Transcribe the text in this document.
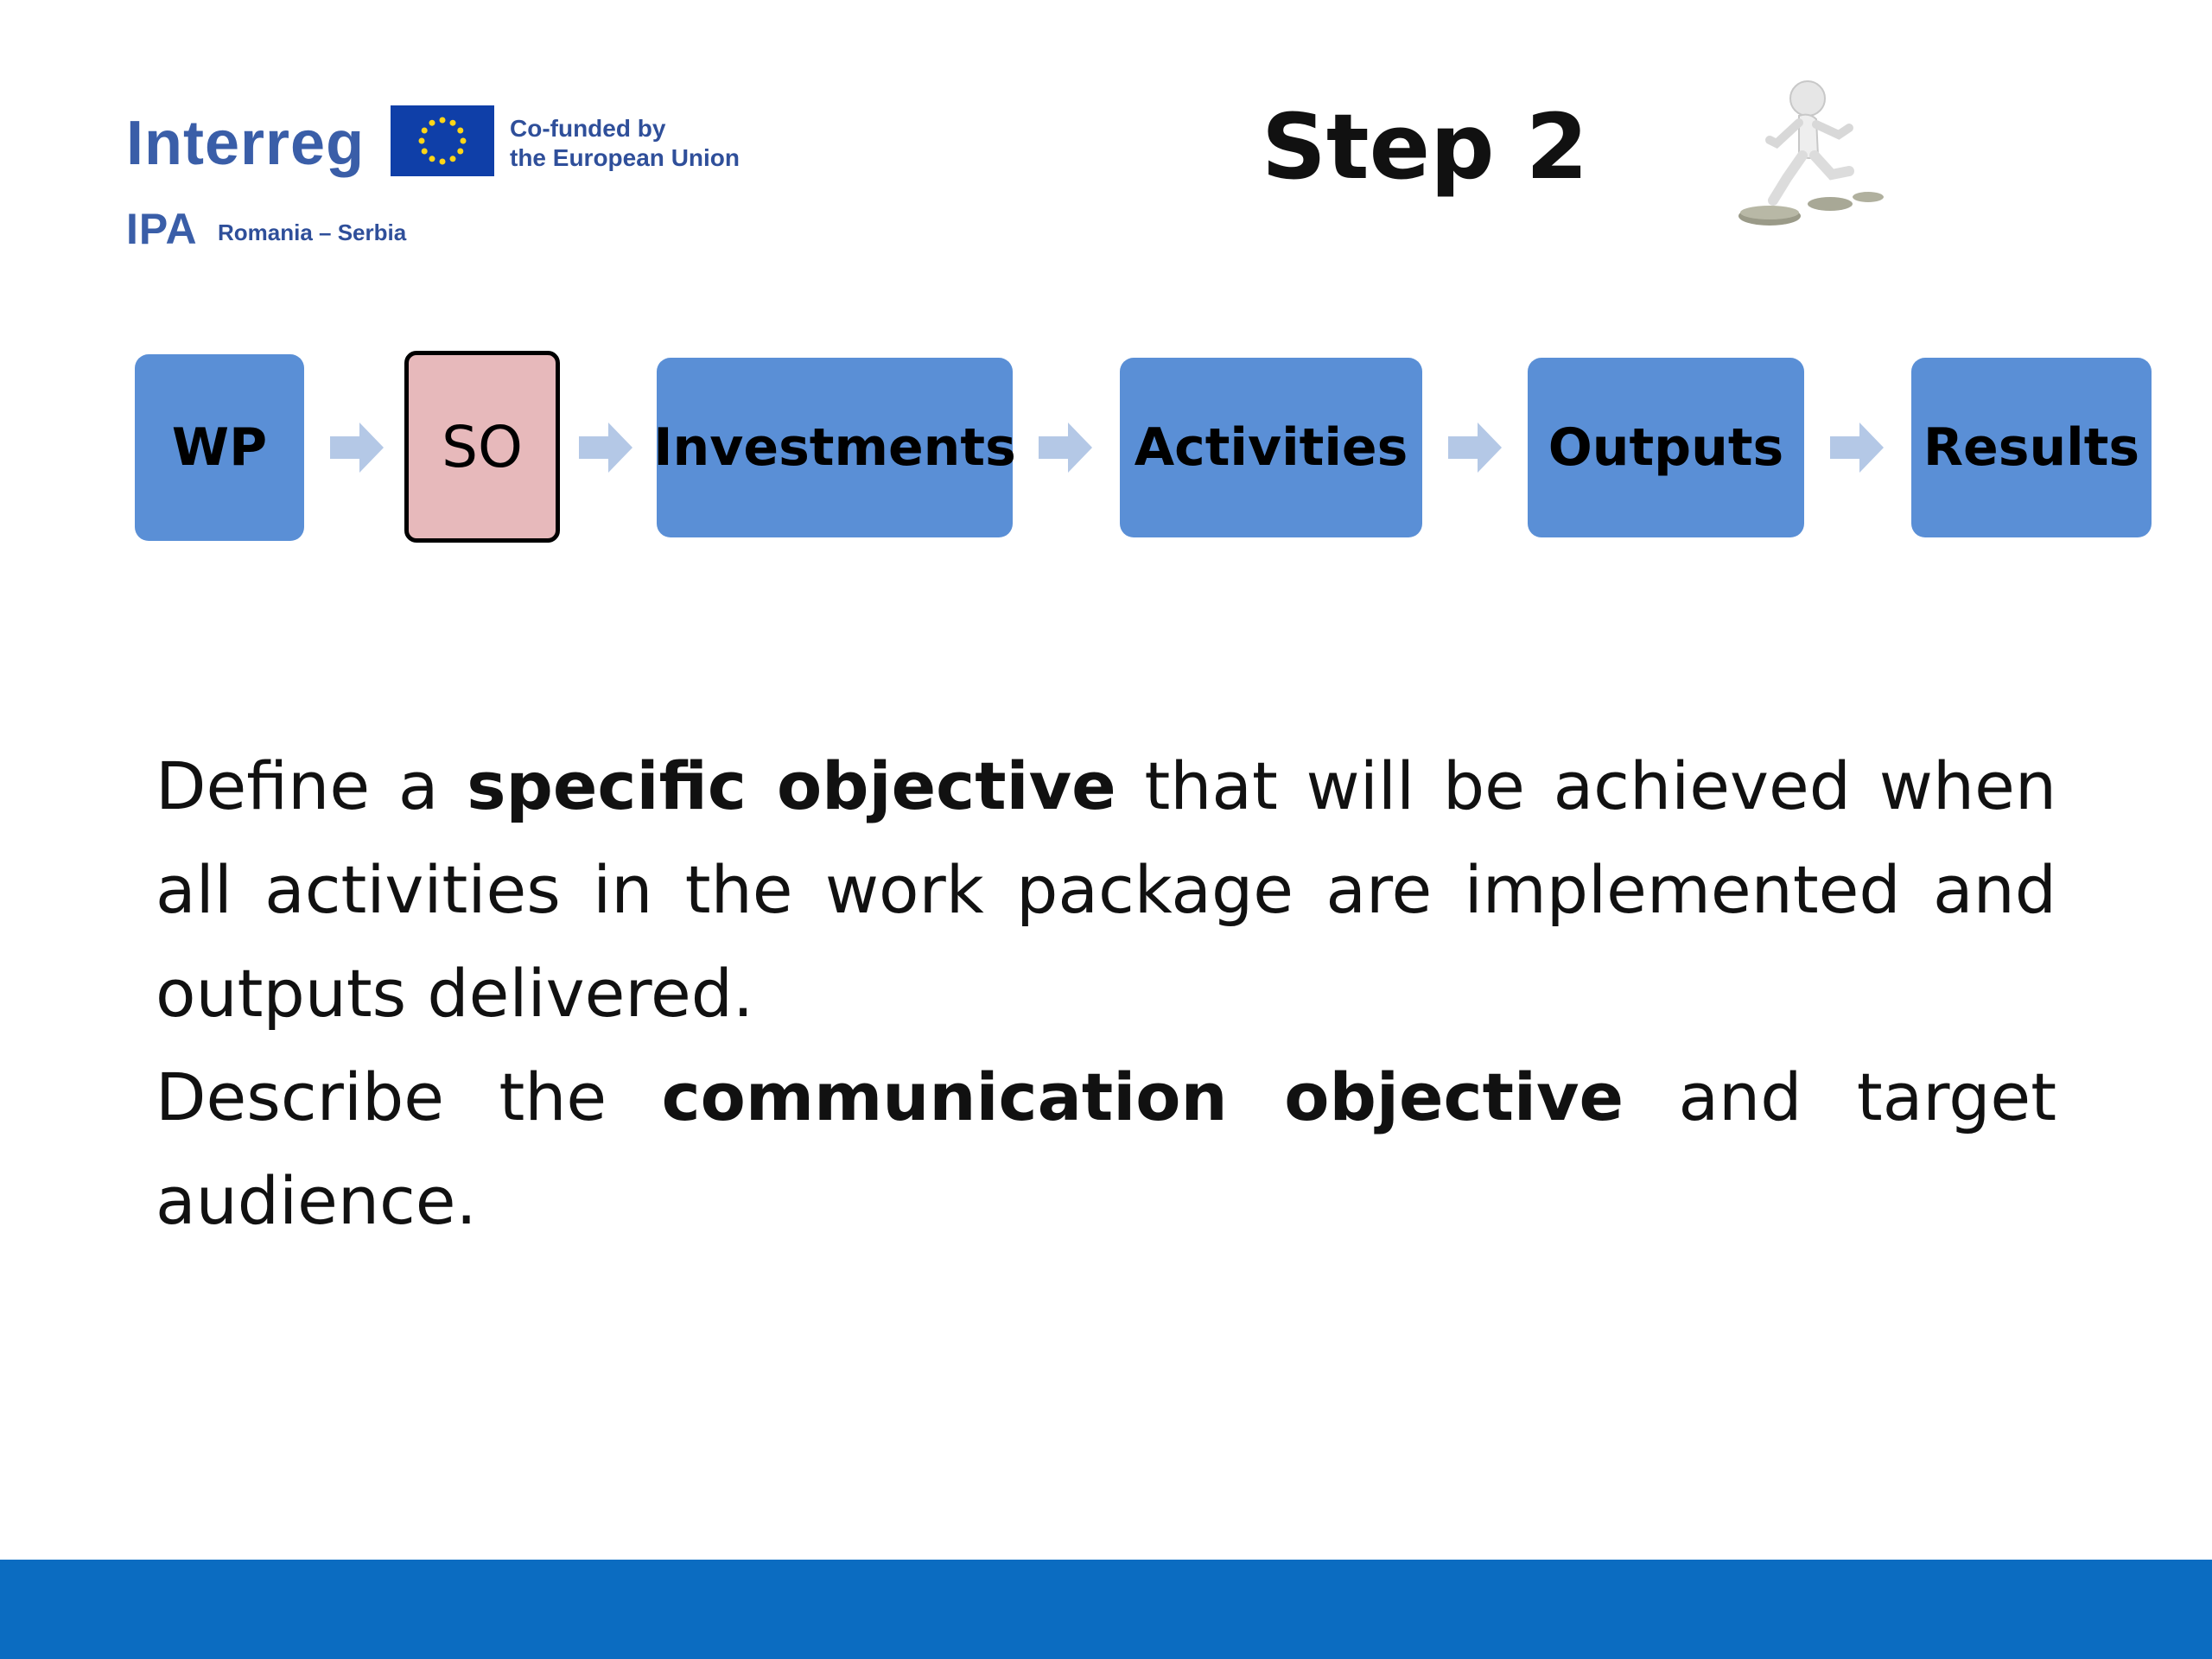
Interreg	Co-funded by
the European Union
IPA Romania – Serbia
Step 2
WP	SO	Investments Activities	Outputs	Results

Define a specific objective that will be achieved when all activities in the work package are implemented and outputs delivered.

Describe the communication objective and target audience.
